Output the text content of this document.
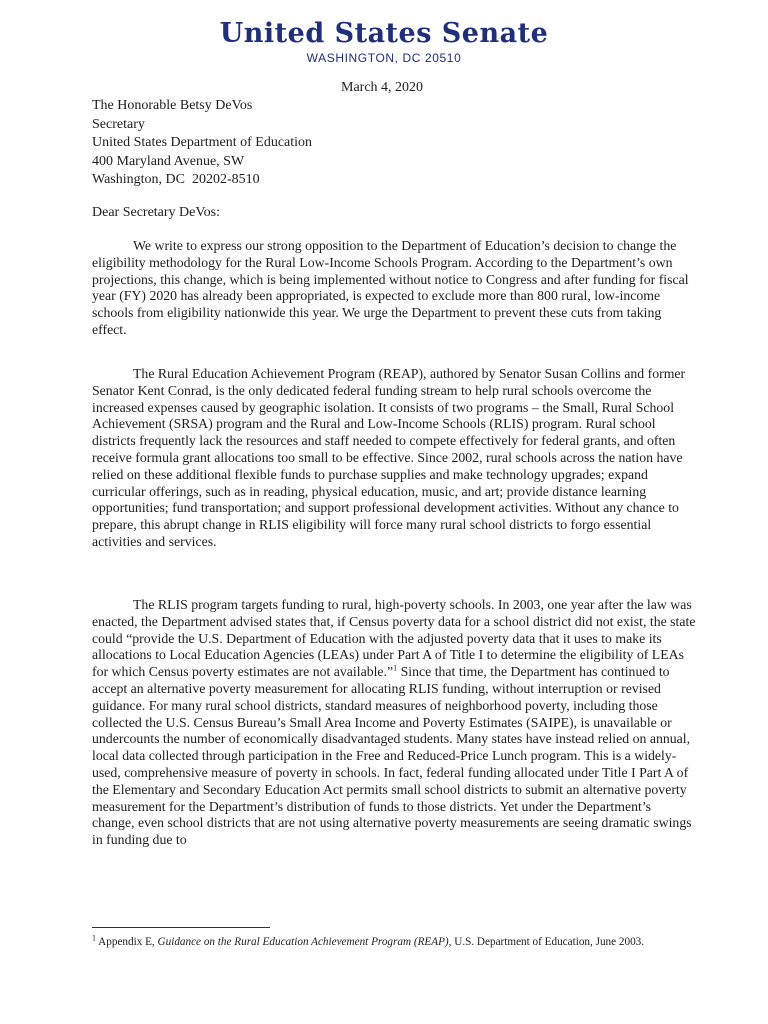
United States Senate
WASHINGTON, DC 20510
March 4, 2020
The Honorable Betsy DeVos
Secretary
United States Department of Education
400 Maryland Avenue, SW
Washington, DC  20202-8510
Dear Secretary DeVos:

We write to express our strong opposition to the Department of Education’s decision to change the eligibility methodology for the Rural Low-Income Schools Program. According to the Department’s own projections, this change, which is being implemented without notice to Congress and after funding for fiscal year (FY) 2020 has already been appropriated, is expected to exclude more than 800 rural, low-income schools from eligibility nationwide this year. We urge the Department to prevent these cuts from taking effect.

The Rural Education Achievement Program (REAP), authored by Senator Susan Collins and former Senator Kent Conrad, is the only dedicated federal funding stream to help rural schools overcome the increased expenses caused by geographic isolation. It consists of two programs – the Small, Rural School Achievement (SRSA) program and the Rural and Low-Income Schools (RLIS) program. Rural school districts frequently lack the resources and staff needed to compete effectively for federal grants, and often receive formula grant allocations too small to be effective. Since 2002, rural schools across the nation have relied on these additional flexible funds to purchase supplies and make technology upgrades; expand curricular offerings, such as in reading, physical education, music, and art; provide distance learning opportunities; fund transportation; and support professional development activities. Without any chance to prepare, this abrupt change in RLIS eligibility will force many rural school districts to forgo essential activities and services.

The RLIS program targets funding to rural, high-poverty schools. In 2003, one year after the law was enacted, the Department advised states that, if Census poverty data for a school district did not exist, the state could “provide the U.S. Department of Education with the adjusted poverty data that it uses to make its allocations to Local Education Agencies (LEAs) under Part A of Title I to determine the eligibility of LEAs for which Census poverty estimates are not available.”$^1$ Since that time, the Department has continued to accept an alternative poverty measurement for allocating RLIS funding, without interruption or revised guidance. For many rural school districts, standard measures of neighborhood poverty, including those collected the U.S. Census Bureau’s Small Area Income and Poverty Estimates (SAIPE), is unavailable or undercounts the number of economically disadvantaged students. Many states have instead relied on annual, local data collected through participation in the Free and Reduced-Price Lunch program. This is a widely-used, comprehensive measure of poverty in schools. In fact, federal funding allocated under Title I Part A of the Elementary and Secondary Education Act permits small school districts to submit an alternative poverty measurement for the Department’s distribution of funds to those districts. Yet under the Department’s change, even school districts that are not using alternative poverty measurements are seeing dramatic swings in funding due to

$^1$ Appendix E, Guidance on the Rural Education Achievement Program (REAP), U.S. Department of Education, June 2003.
